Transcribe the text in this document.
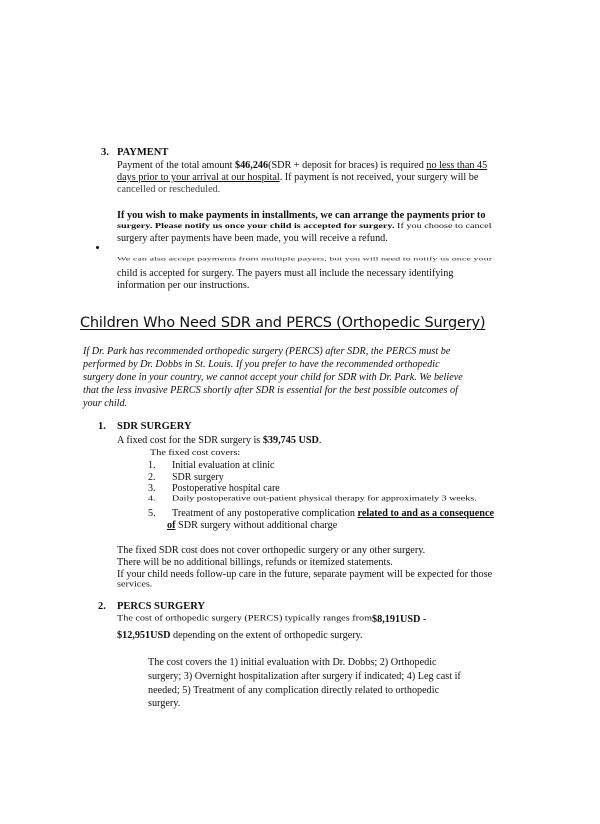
3. PAYMENT
Payment of the total amount $46,246(SDR + deposit for braces) is required no less than 45
days prior to your arrival at our hospital. If payment is not received, your surgery will be
cancelled or rescheduled.
If you wish to make payments in installments, we can arrange the payments prior to
surgery. Please notify us once your child is accepted for surgery. If you choose to cancel
surgery after payments have been made, you will receive a refund.
We can also accept payments from multiple payers, but you will need to notify us once your
child is accepted for surgery. The payers must all include the necessary identifying
information per our instructions.
Children Who Need SDR and PERCS (Orthopedic Surgery)
If Dr. Park has recommended orthopedic surgery (PERCS) after SDR, the PERCS must be
performed by Dr. Dobbs in St. Louis. If you prefer to have the recommended orthopedic
surgery done in your country, we cannot accept your child for SDR with Dr. Park. We believe
that the less invasive PERCS shortly after SDR is essential for the best possible outcomes of
your child.
1. SDR SURGERY
A fixed cost for the SDR surgery is $39,745 USD.
The fixed cost covers:
1.	Initial evaluation at clinic
2.	SDR surgery
3.	Postoperative hospital care
4.	Daily postoperative out-patient physical therapy for approximately 3 weeks.
5. Treatment of any postoperative complication related to and as a consequence
of SDR surgery without additional charge
The fixed SDR cost does not cover orthopedic surgery or any other surgery.
There will be no additional billings, refunds or itemized statements.
If your child needs follow-up care in the future, separate payment will be expected for those
services.
2. PERCS SURGERY
The cost of orthopedic surgery (PERCS) typically ranges from$8,191USD -
$12,951USD depending on the extent of orthopedic surgery.
The cost covers the 1) initial evaluation with Dr. Dobbs; 2) Orthopedic
surgery; 3) Overnight hospitalization after surgery if indicated; 4) Leg cast if
needed; 5) Treatment of any complication directly related to orthopedic
surgery.
